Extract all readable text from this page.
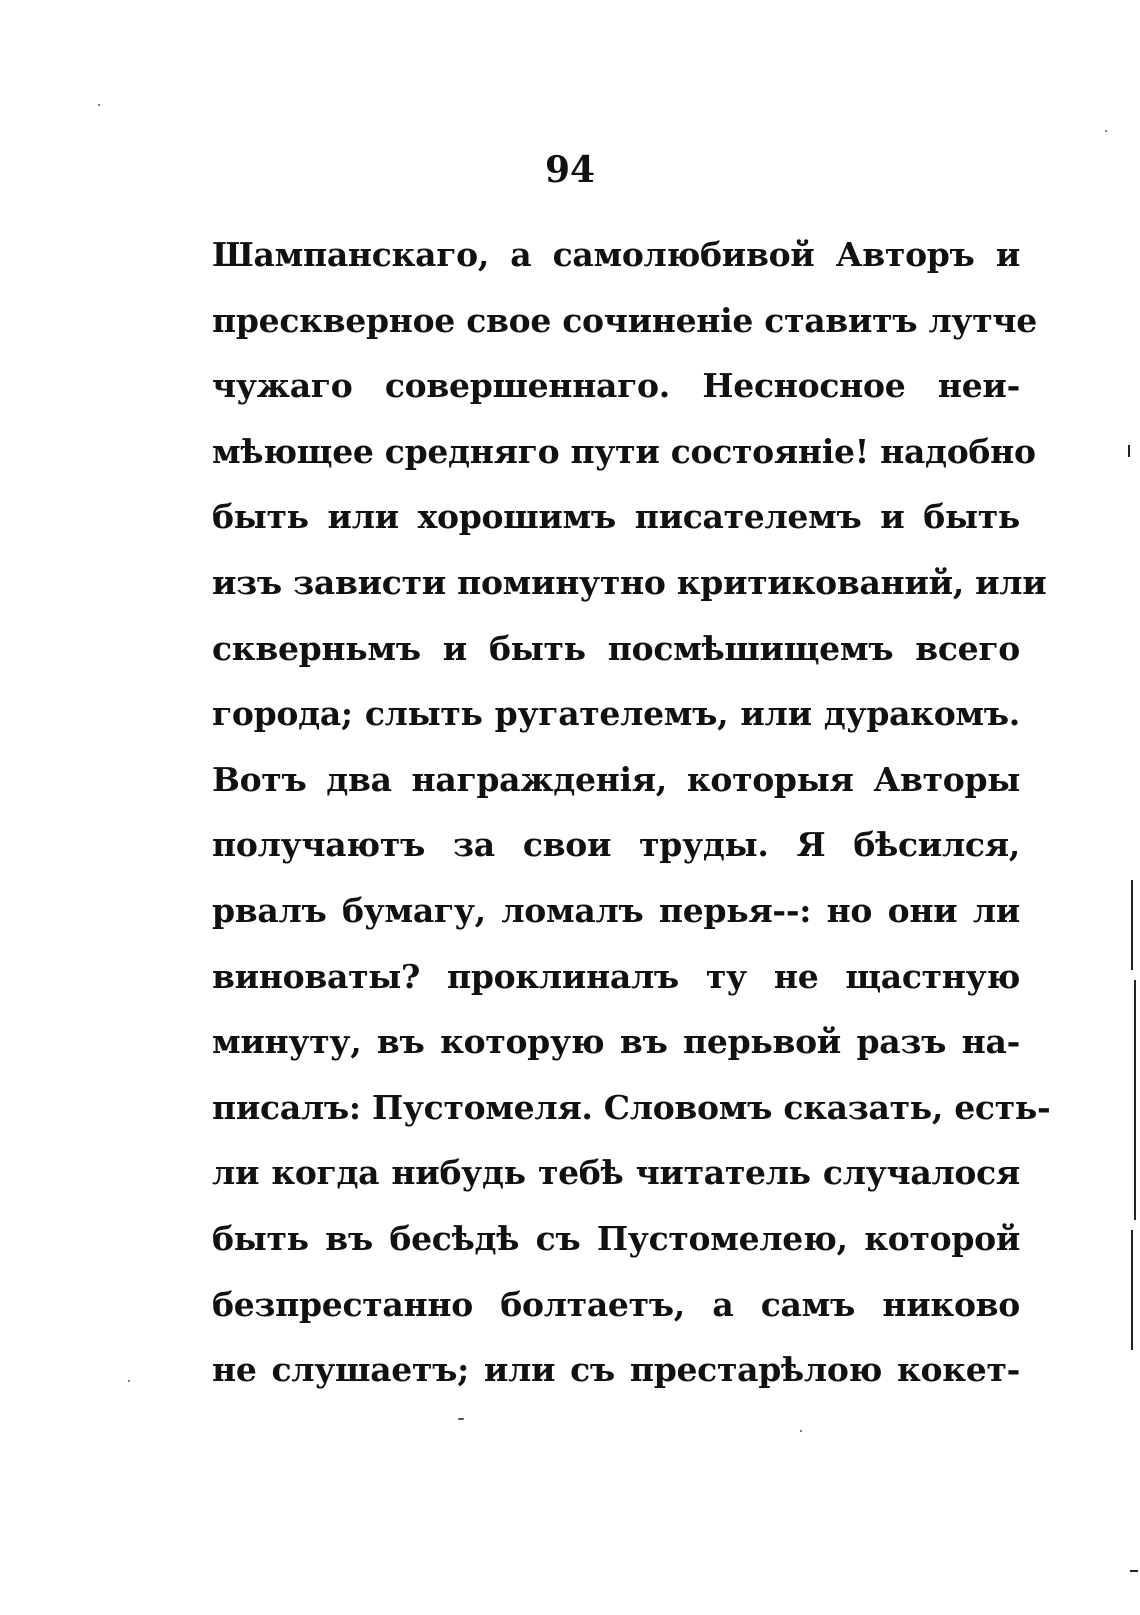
94
Шампанскаго, а самолюбивой Авторъ и
прескверное свое сочиненіе ставитъ лутче
чужаго совершеннаго. Несносное неи-
мѣющее средняго пути состояніе! надобно
быть или хорошимъ писателемъ и быть
изъ зависти поминутно критикований, или
скверньмъ и быть посмѣшищемъ всего
города; слыть ругателемъ, или дуракомъ.
Вотъ два награжденія, которыя Авторы
получаютъ за свои труды. Я бѣсился,
рвалъ бумагу, ломалъ перья--: но они ли
виноваты? проклиналъ ту не щастную
минуту, въ которую въ перьвой разъ на-
писалъ: Пустомеля. Словомъ сказать, есть-
ли когда нибудь тебѣ читатель случалося
быть въ бесѣдѣ съ Пустомелею, которой
безпрестанно болтаетъ, а самъ никово
не слушаетъ; или съ престарѣлою кокет-
